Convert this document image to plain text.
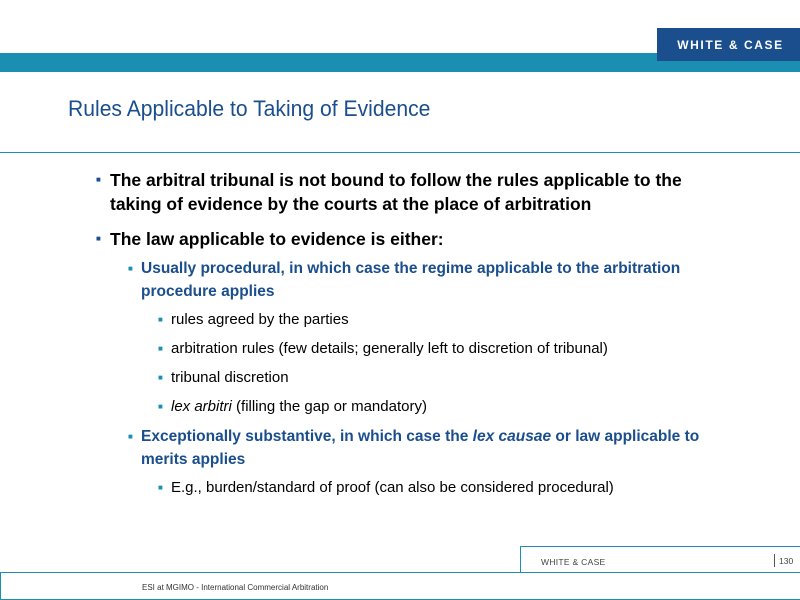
WHITE & CASE
Rules Applicable to Taking of Evidence
■ The arbitral tribunal is not bound to follow the rules applicable to the taking of evidence by the courts at the place of arbitration
■ The law applicable to evidence is either:
■ Usually procedural, in which case the regime applicable to the arbitration procedure applies
■ rules agreed by the parties
■ arbitration rules (few details; generally left to discretion of tribunal)
■ tribunal discretion
■ lex arbitri (filling the gap or mandatory)
■ Exceptionally substantive, in which case the lex causae or law applicable to merits applies
■ E.g., burden/standard of proof (can also be considered procedural)
WHITE & CASE	130
ESI at MGIMO - International Commercial Arbitration
